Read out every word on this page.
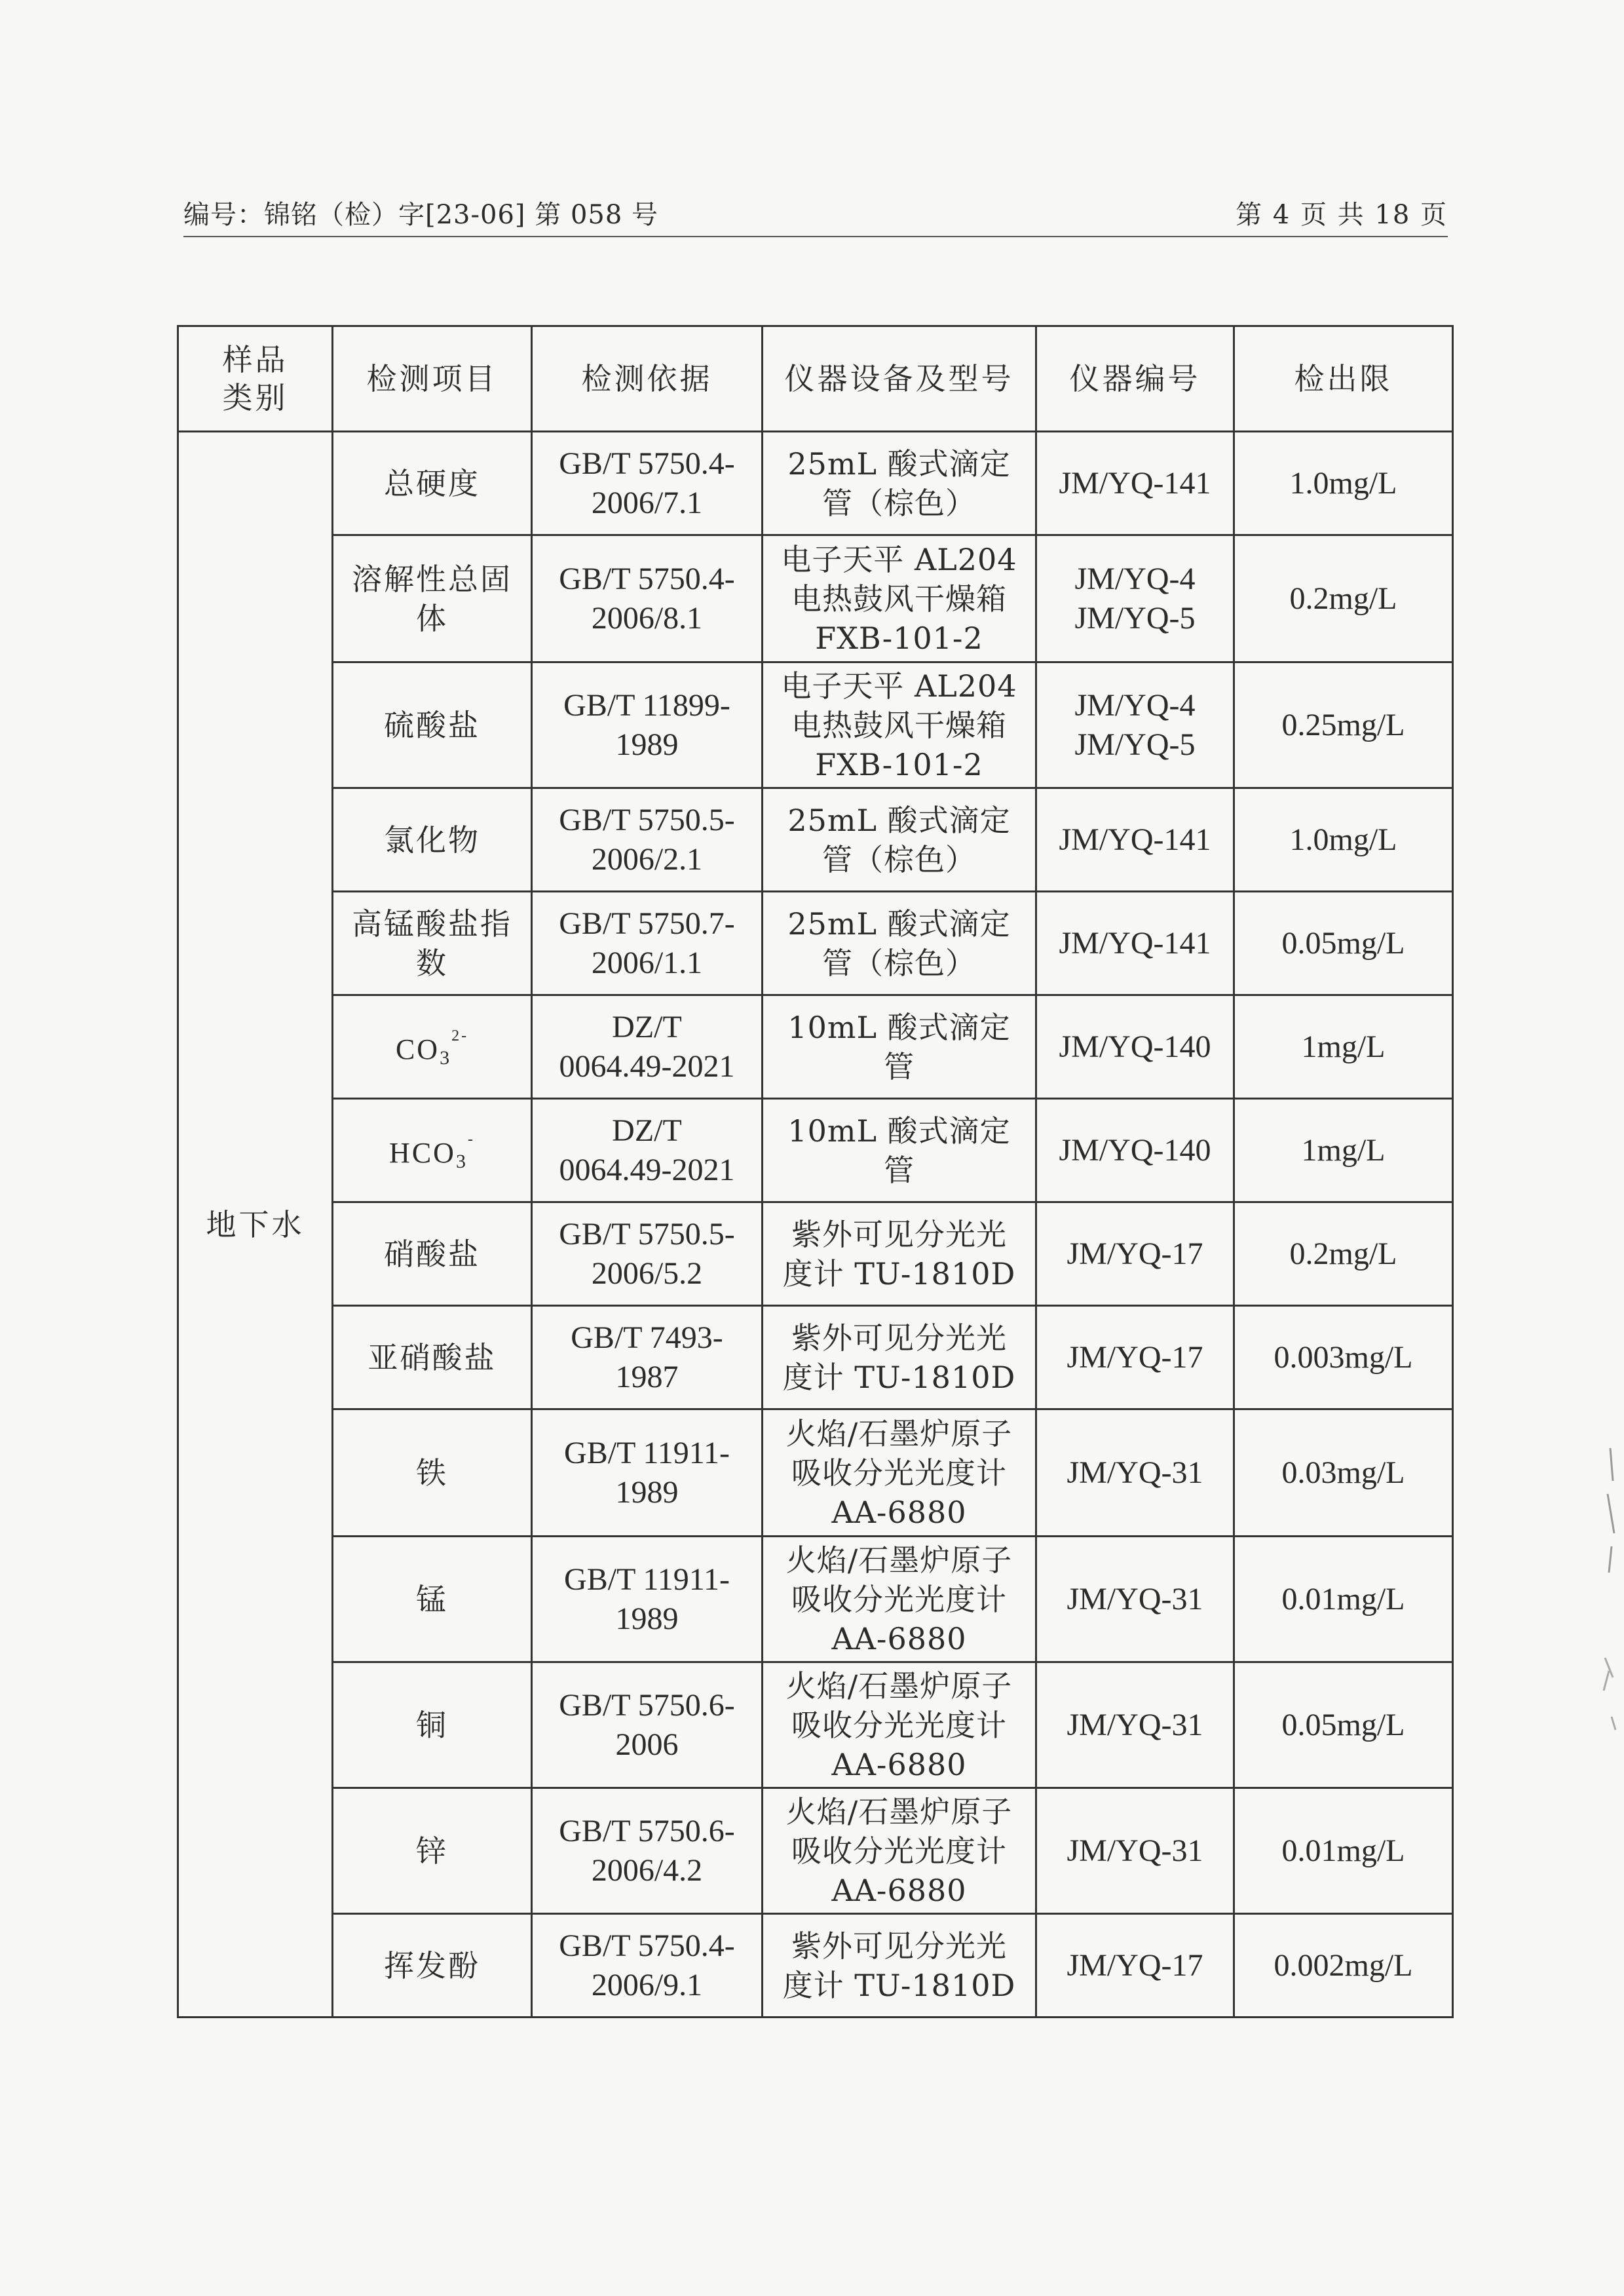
编号：锦铭（检）字[23-06] 第 058 号	第 4 页 共 18 页
样品
类别	检测项目	检测依据	仪器设备及型号	仪器编号	检出限
地下水	总硬度	GB/T 5750.4-
2006/7.1	25mL 酸式滴定
管（棕色）	JM/YQ-141	1.0mg/L
	溶解性总固
体	GB/T 5750.4-
2006/8.1	电子天平 AL204
电热鼓风干燥箱
FXB-101-2	JM/YQ-4
JM/YQ-5	0.2mg/L
	硫酸盐	GB/T 11899-
1989	电子天平 AL204
电热鼓风干燥箱
FXB-101-2	JM/YQ-4
JM/YQ-5	0.25mg/L
	氯化物	GB/T 5750.5-
2006/2.1	25mL 酸式滴定
管（棕色）	JM/YQ-141	1.0mg/L
	高锰酸盐指
数	GB/T 5750.7-
2006/1.1	25mL 酸式滴定
管（棕色）	JM/YQ-141	0.05mg/L
	$CO_3^{2-}$	DZ/T
0064.49-2021	10mL 酸式滴定
管	JM/YQ-140	1mg/L
	$HCO_3^-$	DZ/T
0064.49-2021	10mL 酸式滴定
管	JM/YQ-140	1mg/L
	硝酸盐	GB/T 5750.5-
2006/5.2	紫外可见分光光
度计 TU-1810D	JM/YQ-17	0.2mg/L
	亚硝酸盐	GB/T 7493-
1987	紫外可见分光光
度计 TU-1810D	JM/YQ-17	0.003mg/L
	铁	GB/T 11911-
1989	火焰/石墨炉原子
吸收分光光度计
AA-6880	JM/YQ-31	0.03mg/L
	锰	GB/T 11911-
1989	火焰/石墨炉原子
吸收分光光度计
AA-6880	JM/YQ-31	0.01mg/L
	铜	GB/T 5750.6-
2006	火焰/石墨炉原子
吸收分光光度计
AA-6880	JM/YQ-31	0.05mg/L
	锌	GB/T 5750.6-
2006/4.2	火焰/石墨炉原子
吸收分光光度计
AA-6880	JM/YQ-31	0.01mg/L
	挥发酚	GB/T 5750.4-
2006/9.1	紫外可见分光光
度计 TU-1810D	JM/YQ-17	0.002mg/L
